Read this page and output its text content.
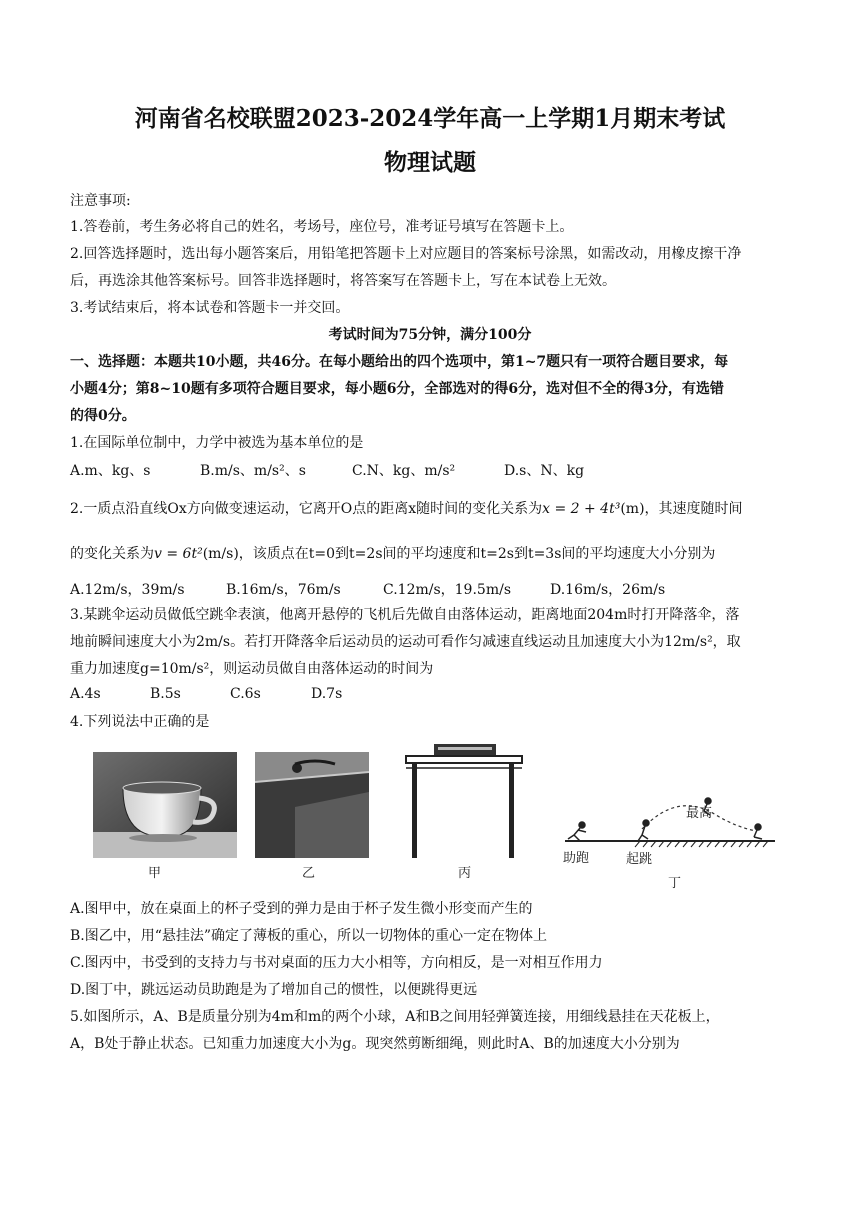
河南省名校联盟2023-2024学年高一上学期1月期末考试
物理试题
注意事项:
1.答卷前，考生务必将自己的姓名，考场号，座位号，准考证号填写在答题卡上。
2.回答选择题时，选出每小题答案后，用铅笔把答题卡上对应题目的答案标号涂黑，如需改动，用橡皮擦干净
后，再选涂其他答案标号。回答非选择题时，将答案写在答题卡上，写在本试卷上无效。
3.考试结束后，将本试卷和答题卡一并交回。
考试时间为75分钟，满分100分
一、选择题：本题共10小题，共46分。在每小题给出的四个选项中，第1~7题只有一项符合题目要求，每
小题4分；第8~10题有多项符合题目要求，每小题6分，全部选对的得6分，选对但不全的得3分，有选错
的得0分。
1.在国际单位制中，力学中被选为基本单位的是
A.m、kg、s	B.m/s、m/s²、s	C.N、kg、m/s²	D.s、N、kg
2.一质点沿直线Ox方向做变速运动，它离开O点的距离x随时间的变化关系为x = 2 + 4t³(m)，其速度随时间
的变化关系为v = 6t²(m/s)，该质点在t=0到t=2s间的平均速度和t=2s到t=3s间的平均速度大小分别为
A.12m/s，39m/s	B.16m/s，76m/s	C.12m/s，19.5m/s	D.16m/s，26m/s
3.某跳伞运动员做低空跳伞表演，他离开悬停的飞机后先做自由落体运动，距离地面204m时打开降落伞，落
地前瞬间速度大小为2m/s。若打开降落伞后运动员的运动可看作匀减速直线运动且加速度大小为12m/s²，取
重力加速度g=10m/s²，则运动员做自由落体运动的时间为
A.4s	B.5s	C.6s	D.7s
4.下列说法中正确的是
甲	乙	丙
助跑	起跳
最高
丁
A.图甲中，放在桌面上的杯子受到的弹力是由于杯子发生微小形变而产生的
B.图乙中，用“悬挂法”确定了薄板的重心，所以一切物体的重心一定在物体上
C.图丙中，书受到的支持力与书对桌面的压力大小相等，方向相反，是一对相互作用力
D.图丁中，跳远运动员助跑是为了增加自己的惯性，以便跳得更远
5.如图所示，A、B是质量分别为4m和m的两个小球，A和B之间用轻弹簧连接，用细线悬挂在天花板上，
A，B处于静止状态。已知重力加速度大小为g。现突然剪断细绳，则此时A、B的加速度大小分别为
